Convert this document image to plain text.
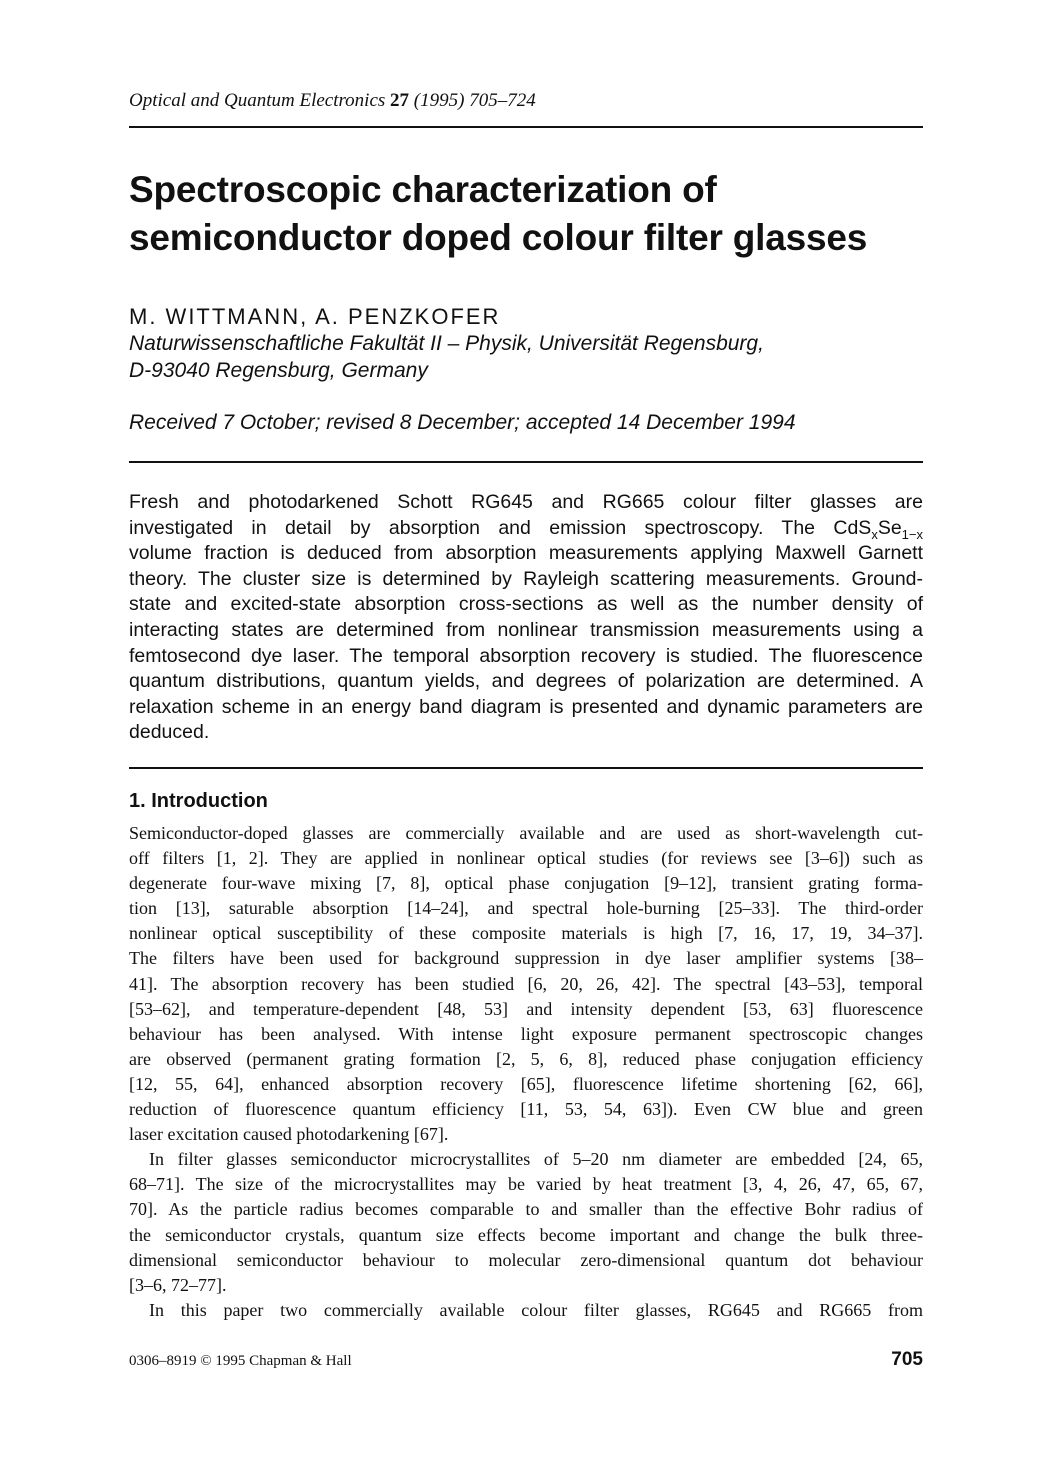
Optical and Quantum Electronics 27 (1995) 705–724
Spectroscopic characterization of
semiconductor doped colour filter glasses
M. WITTMANN, A. PENZKOFER
Naturwissenschaftliche Fakultät II – Physik, Universität Regensburg,
D-93040 Regensburg, Germany
Received 7 October; revised 8 December; accepted 14 December 1994
Fresh and photodarkened Schott RG645 and RG665 colour filter glasses are
investigated in detail by absorption and emission spectroscopy. The $CdS_xSe_{1-x}$
volume fraction is deduced from absorption measurements applying Maxwell Garnett
theory. The cluster size is determined by Rayleigh scattering measurements. Ground-
state and excited-state absorption cross-sections as well as the number density of
interacting states are determined from nonlinear transmission measurements using a
femtosecond dye laser. The temporal absorption recovery is studied. The fluorescence
quantum distributions, quantum yields, and degrees of polarization are determined. A
relaxation scheme in an energy band diagram is presented and dynamic parameters are
deduced.
1. Introduction
Semiconductor-doped glasses are commercially available and are used as short-wavelength cut-
off filters [1, 2]. They are applied in nonlinear optical studies (for reviews see [3–6]) such as
degenerate four-wave mixing [7, 8], optical phase conjugation [9–12], transient grating forma-
tion [13], saturable absorption [14–24], and spectral hole-burning [25–33]. The third-order
nonlinear optical susceptibility of these composite materials is high [7, 16, 17, 19, 34–37].
The filters have been used for background suppression in dye laser amplifier systems [38–
41]. The absorption recovery has been studied [6, 20, 26, 42]. The spectral [43–53], temporal
[53–62], and temperature-dependent [48, 53] and intensity dependent [53, 63] fluorescence
behaviour has been analysed. With intense light exposure permanent spectroscopic changes
are observed (permanent grating formation [2, 5, 6, 8], reduced phase conjugation efficiency
[12, 55, 64], enhanced absorption recovery [65], fluorescence lifetime shortening [62, 66],
reduction of fluorescence quantum efficiency [11, 53, 54, 63]). Even CW blue and green
laser excitation caused photodarkening [67].
In filter glasses semiconductor microcrystallites of 5–20 nm diameter are embedded [24, 65,
68–71]. The size of the microcrystallites may be varied by heat treatment [3, 4, 26, 47, 65, 67,
70]. As the particle radius becomes comparable to and smaller than the effective Bohr radius of
the semiconductor crystals, quantum size effects become important and change the bulk three-
dimensional semiconductor behaviour to molecular zero-dimensional quantum dot behaviour
[3–6, 72–77].
In this paper two commercially available colour filter glasses, RG645 and RG665 from
0306–8919 © 1995 Chapman & Hall	705
